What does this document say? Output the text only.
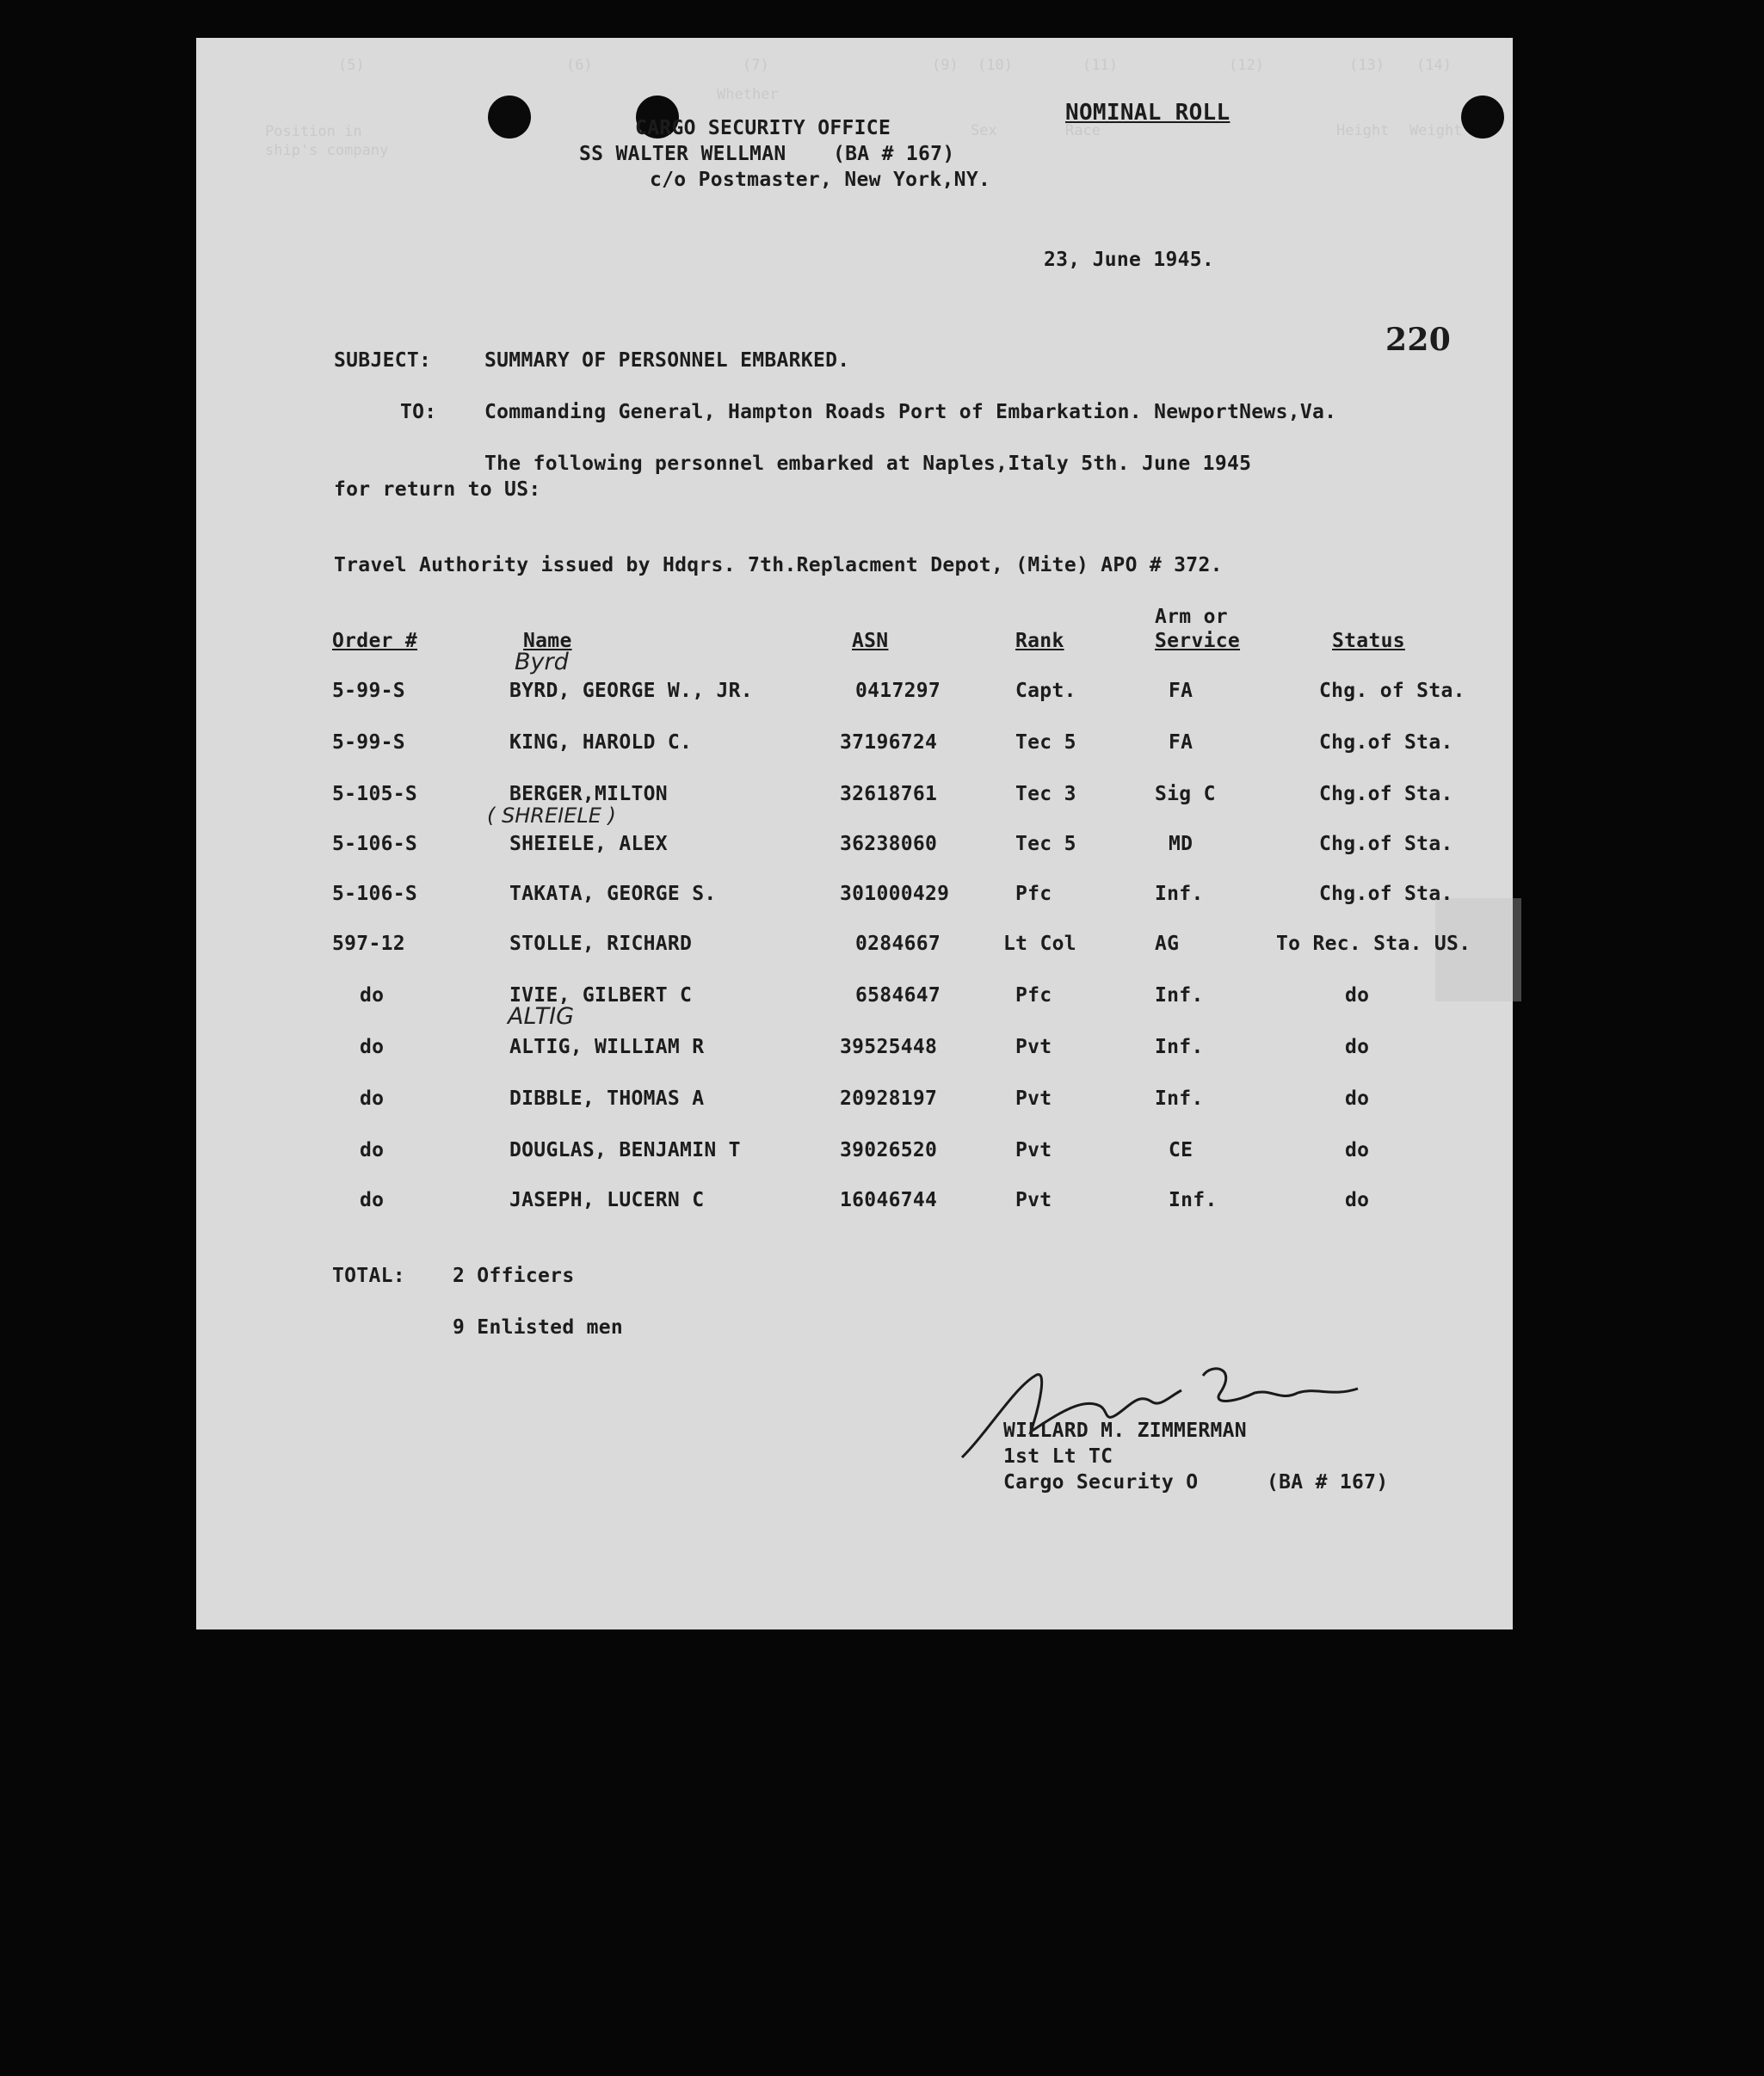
(5)	(6)	(7)	(9) (10)	(11)	(12)	(13) (14)
Whether
Position in ship's company
Sex	Race	Height Weight
CARGO SECURITY OFFICE
SS WALTER WELLMAN (BA # 167)
c/o Postmaster, New York,NY.
NOMINAL ROLL
23, June 1945.
220
SUBJECT:	SUMMARY OF PERSONNEL EMBARKED.
TO: Commanding General, Hampton Roads Port of Embarkation. NewportNews,Va.
The following personnel embarked at Naples,Italy 5th. June 1945
for return to US:
Travel Authority issued by Hdqrs. 7th.Replacment Depot, (Mite) APO # 372.
Arm or
Order #	Name	ASN	Rank	Service	Status
Byrd
( SHREIELE )
ALTIG
5-99-S	BYRD, GEORGE W., JR.	0417297	Capt.	FA	Chg. of Sta.
5-99-S	KING, HAROLD C.	37196724	Tec 5	FA	Chg.of Sta.
5-105-S	BERGER,MILTON	32618761	Tec 3	Sig C	Chg.of Sta.
5-106-S	SHEIELE, ALEX	36238060	Tec 5	MD	Chg.of Sta.
5-106-S	TAKATA, GEORGE S.	301000429	Pfc	Inf.	Chg.of Sta.
597-12	STOLLE, RICHARD	0284667	Lt Col	AG	To Rec. Sta. US.
do	IVIE, GILBERT C	6584647	Pfc	Inf.	do
do	ALTIG, WILLIAM R	39525448	Pvt	Inf.	do
do	DIBBLE, THOMAS A	20928197	Pvt	Inf.	do
do	DOUGLAS, BENJAMIN T	39026520	Pvt	CE	do
do	JASEPH, LUCERN C	16046744	Pvt	Inf.	do
TOTAL: 2 Officers
9 Enlisted men
WILLARD M. ZIMMERMAN
1st Lt TC
Cargo Security O	(BA # 167)
